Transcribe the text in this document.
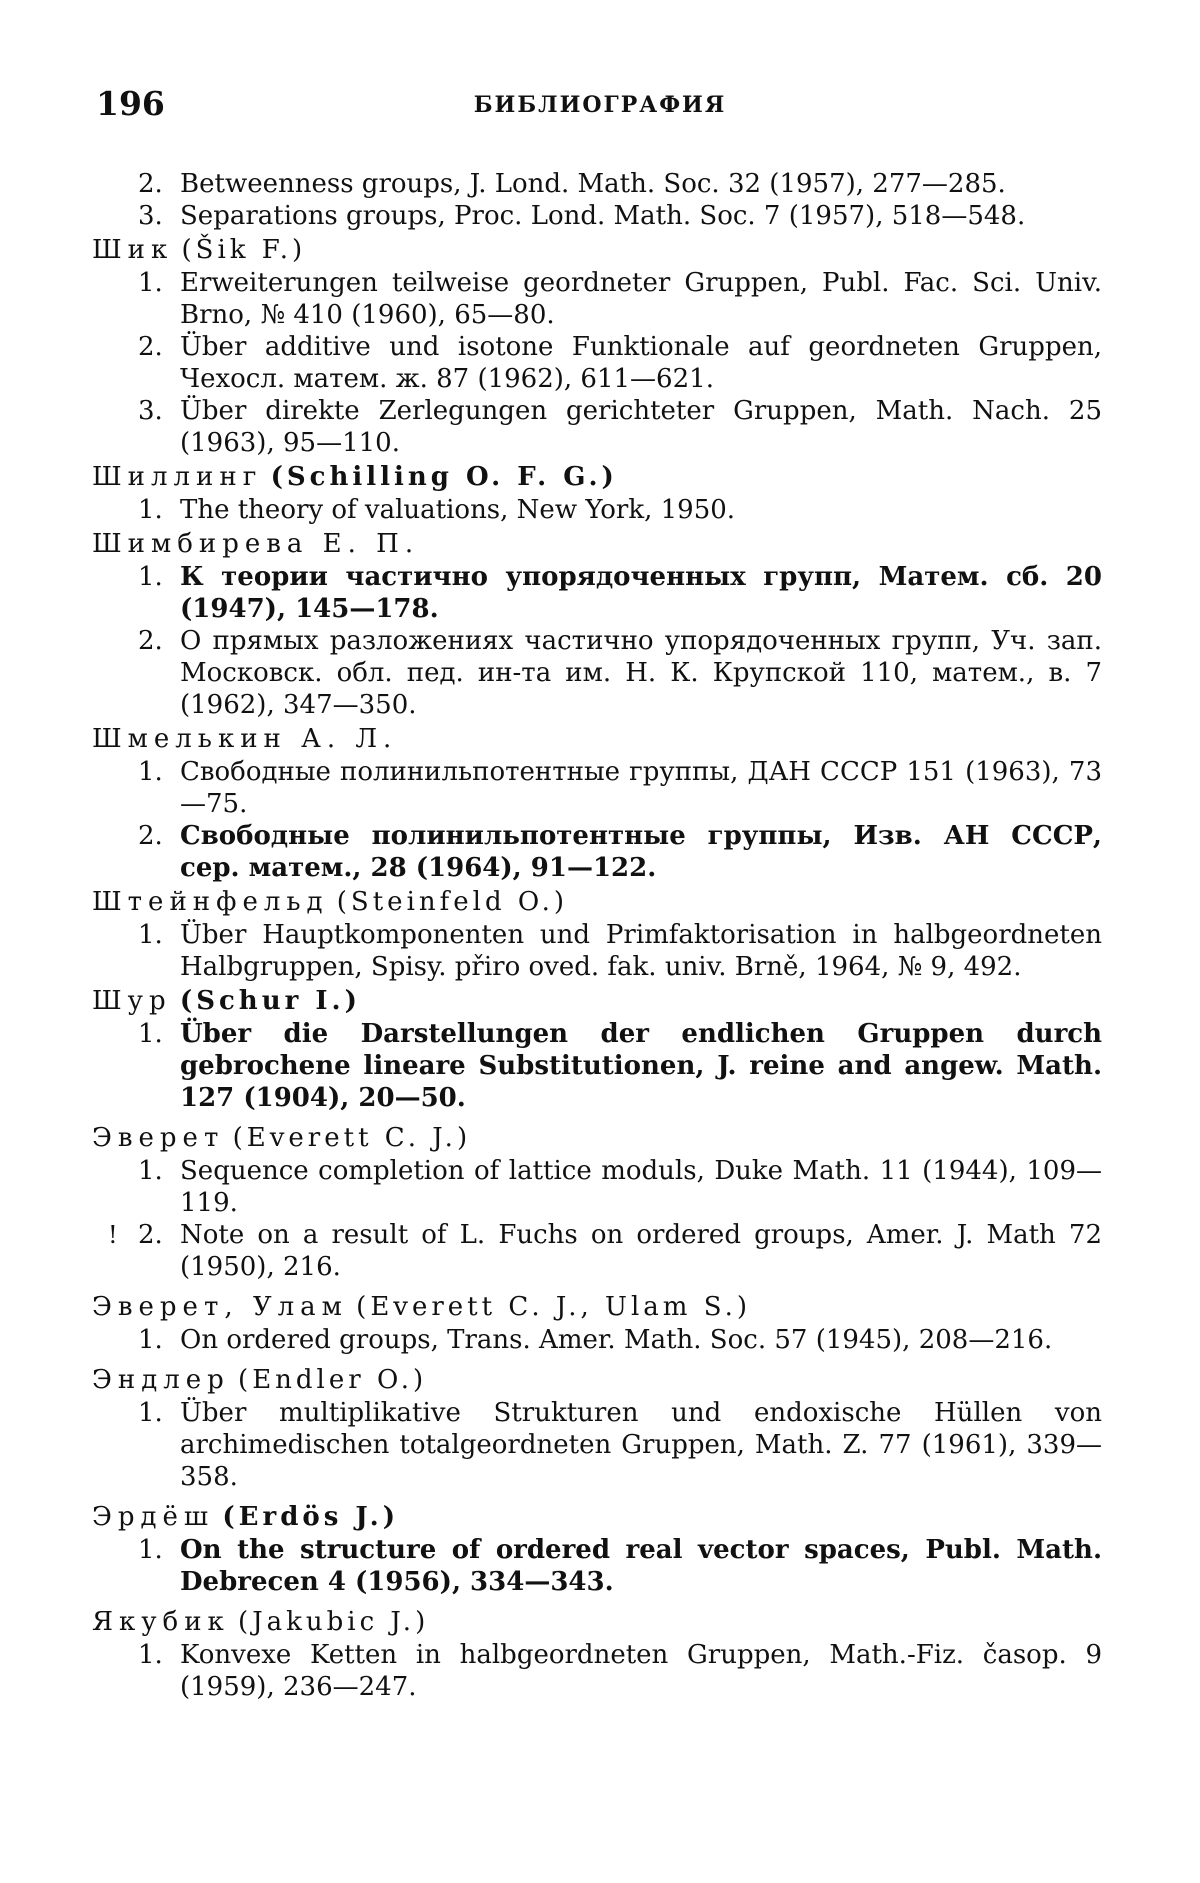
196	БИБЛИОГРАФИЯ
2. Betweenness groups, J. Lond. Math. Soc. 32 (1957), 277—285.
3. Separations groups, Proc. Lond. Math. Soc. 7 (1957), 518—548.
Шик (Šik F.)
1. Erweiterungen teilweise geordneter Gruppen, Publ. Fac. Sci. Univ. Brno, № 410 (1960), 65—80.
2. Über additive und isotone Funktionale auf geordneten Gruppen, Чехосл. матем. ж. 87 (1962), 611—621.
3. Über direkte Zerlegungen gerichteter Gruppen, Math. Nach. 25 (1963), 95—110.
Шиллинг (Schilling O. F. G.)
1. The theory of valuations, New York, 1950.
Шимбирева Е. П.
1. К теории частично упорядоченных групп, Матем. сб. 20 (1947), 145—178.
2. О прямых разложениях частично упорядоченных групп, Уч. зап. Московск. обл. пед. ин-та им. Н. К. Крупской 110, матем., в. 7 (1962), 347—350.
Шмелькин А. Л.
1. Свободные полинильпотентные группы, ДАН СССР 151 (1963), 73—75.
2. Свободные полинильпотентные группы, Изв. АН СССР, сер. матем., 28 (1964), 91—122.
Штейнфельд (Steinfeld O.)
1. Über Hauptkomponenten und Primfaktorisation in halbgeordneten Halbgruppen, Spisy. přiro oved. fak. univ. Brně, 1964, № 9, 492.
Шур (Schur I.)
1. Über die Darstellungen der endlichen Gruppen durch gebrochene lineare Substitutionen, J. reine and angew. Math. 127 (1904), 20—50.
Эверет (Everett C. J.)
1. Sequence completion of lattice moduls, Duke Math. 11 (1944), 109—119.
! 2. Note on a result of L. Fuchs on ordered groups, Amer. J. Math 72 (1950), 216.
Эверет, Улам (Everett C. J., Ulam S.)
1. On ordered groups, Trans. Amer. Math. Soc. 57 (1945), 208—216.
Эндлер (Endler O.)
1. Über multiplikative Strukturen und endoxische Hüllen von archimedischen totalgeordneten Gruppen, Math. Z. 77 (1961), 339—358.
Эрдёш (Erdös J.)
1. On the structure of ordered real vector spaces, Publ. Math. Debrecen 4 (1956), 334—343.
Якубик (Jakubic J.)
1. Konvexe Ketten in halbgeordneten Gruppen, Math.-Fiz. časop. 9 (1959), 236—247.
